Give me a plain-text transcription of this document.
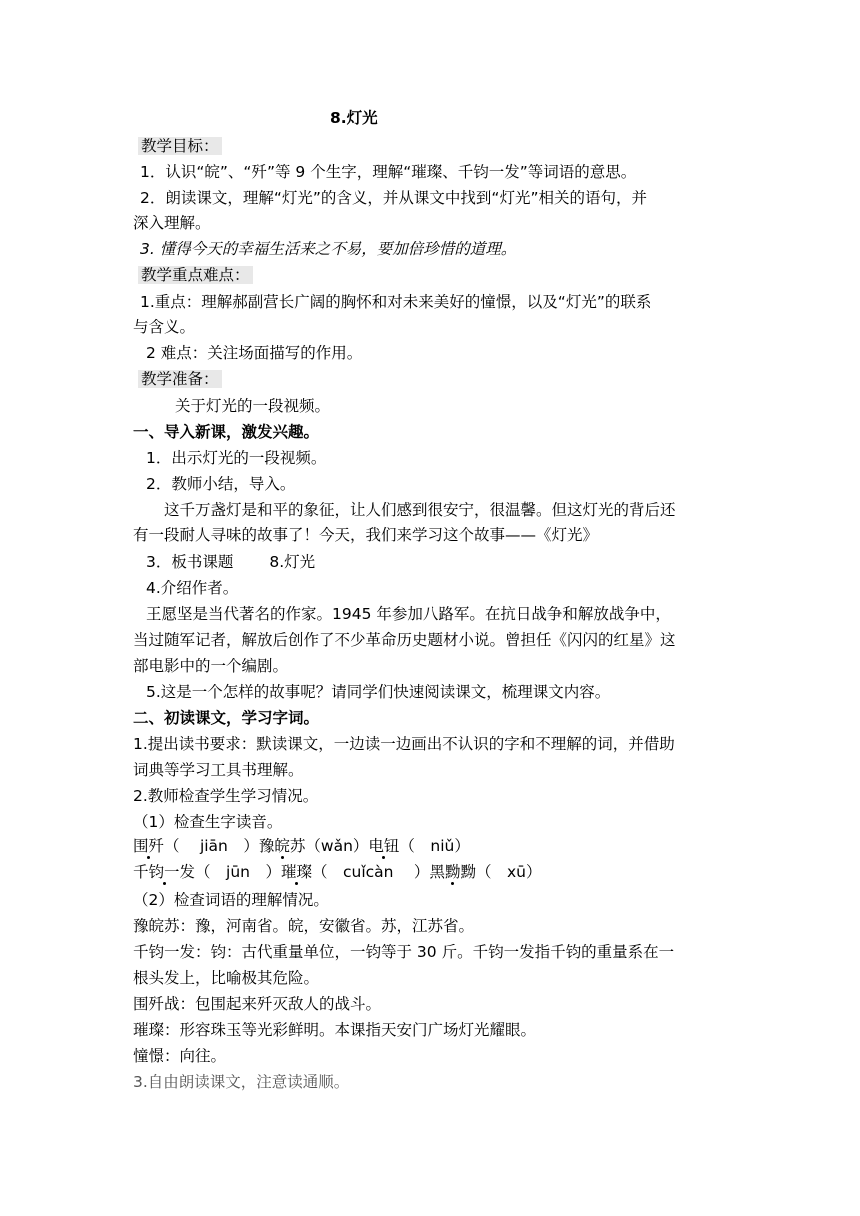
8.灯光
教学目标：
1．认识“皖”、“歼”等 9 个生字，理解“璀璨、千钧一发”等词语的意思。
2．朗读课文，理解“灯光”的含义，并从课文中找到“灯光”相关的语句，并
深入理解。
3. 懂得今天的幸福生活来之不易，要加倍珍惜的道理。
教学重点难点：
1.重点：理解郝副营长广阔的胸怀和对未来美好的憧憬，以及“灯光”的联系
与含义。
2 难点：关注场面描写的作用。
教学准备：
关于灯光的一段视频。
一、导入新课，激发兴趣。
1．出示灯光的一段视频。
2．教师小结，导入。
这千万盏灯是和平的象征，让人们感到很安宁，很温馨。但这灯光的背后还
有一段耐人寻味的故事了！今天，我们来学习这个故事——《灯光》
3．板书课题 8.灯光
4.介绍作者。
王愿坚是当代著名的作家。1945 年参加八路军。在抗日战争和解放战争中，
当过随军记者，解放后创作了不少革命历史题材小说。曾担任《闪闪的红星》这
部电影中的一个编剧。
5.这是一个怎样的故事呢？请同学们快速阅读课文，梳理课文内容。
二、初读课文，学习字词。
1.提出读书要求：默读课文，一边读一边画出不认识的字和不理解的词，并借助
词典等学习工具书理解。
2.教师检查学生学习情况。
（1）检查生字读音。
围歼（　 jiān　）豫皖苏（wǎn）电钮（　niǔ）
千钧一发（　jūn　）璀璨（　cuǐcàn　 ）黑黝黝（　xū）
（2）检查词语的理解情况。
豫皖苏：豫，河南省。皖，安徽省。苏，江苏省。
千钧一发：钧：古代重量单位，一钧等于 30 斤。千钧一发指千钧的重量系在一
根头发上，比喻极其危险。
围歼战：包围起来歼灭敌人的战斗。
璀璨：形容珠玉等光彩鲜明。本课指天安门广场灯光耀眼。
憧憬：向往。
3.自由朗读课文，注意读通顺。
